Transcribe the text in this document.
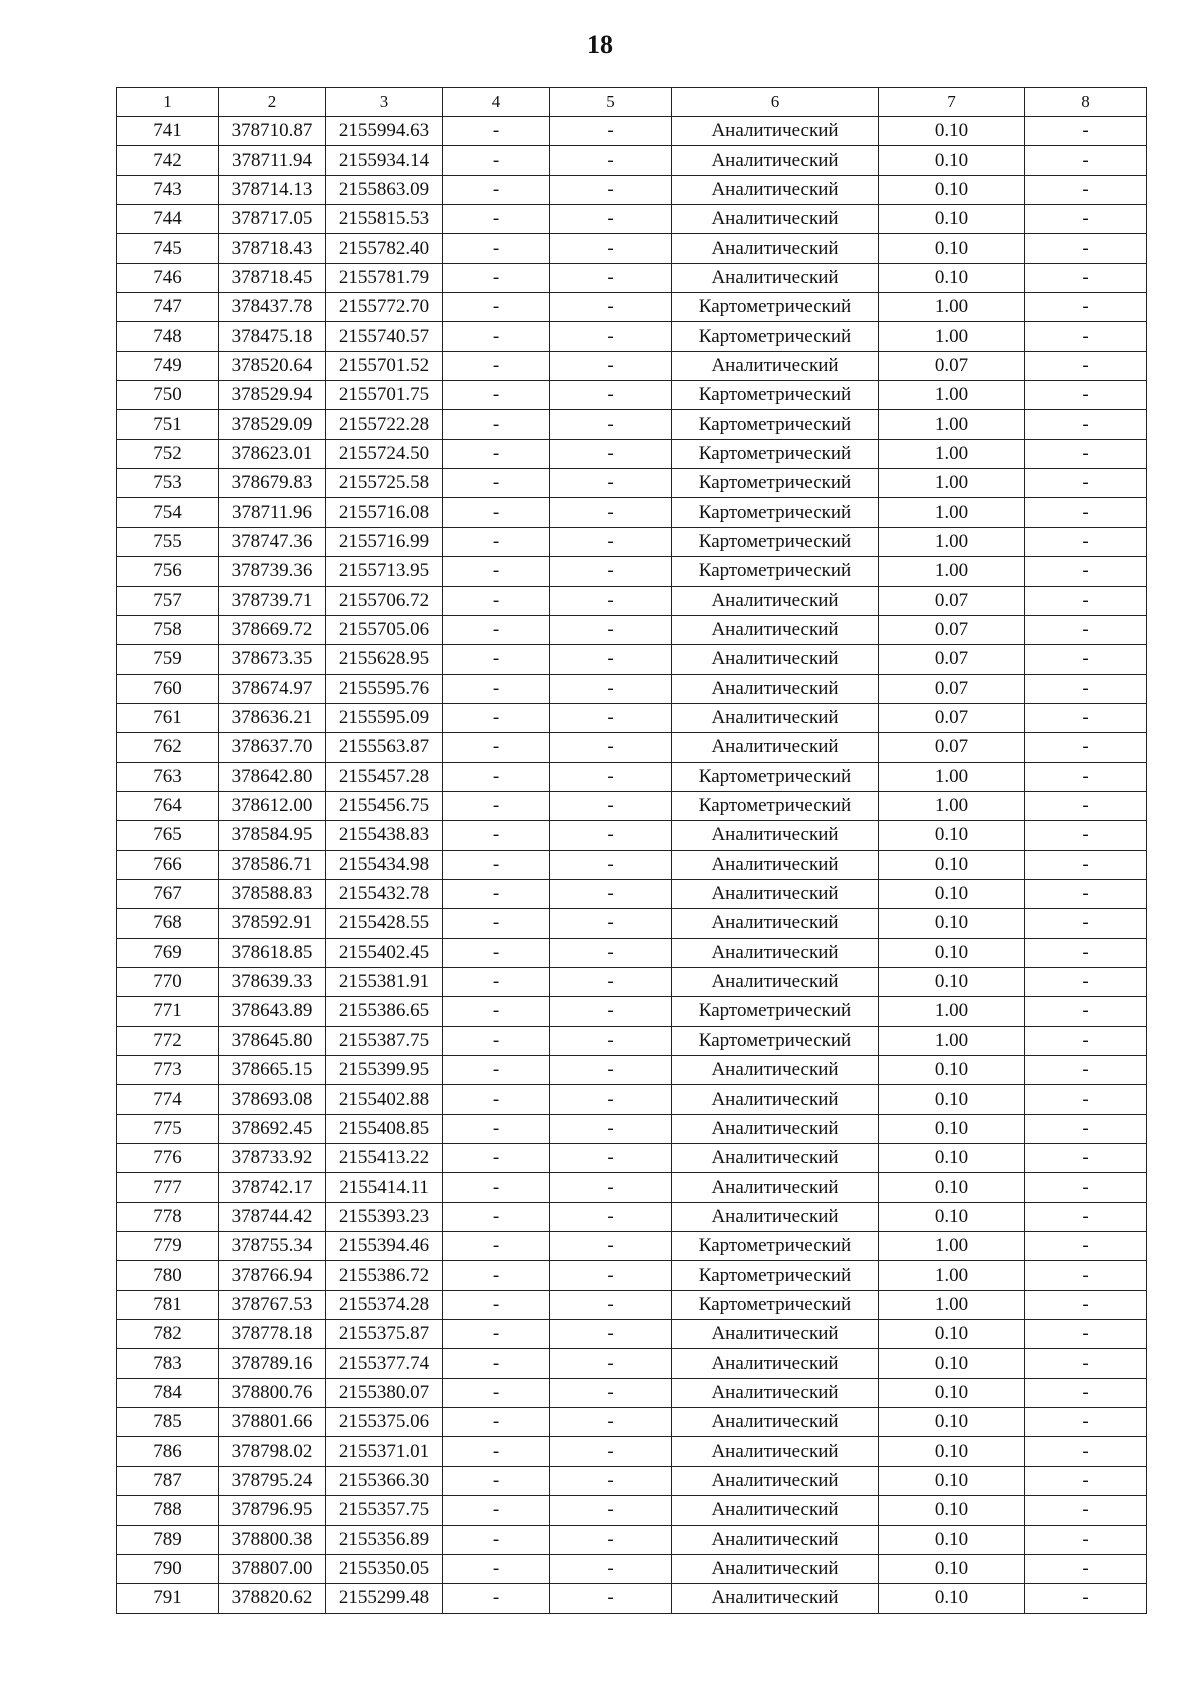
18
1	2	3	4	5	6	7	8
741	378710.87	2155994.63	-	-	Аналитический	0.10	-
742	378711.94	2155934.14	-	-	Аналитический	0.10	-
743	378714.13	2155863.09	-	-	Аналитический	0.10	-
744	378717.05	2155815.53	-	-	Аналитический	0.10	-
745	378718.43	2155782.40	-	-	Аналитический	0.10	-
746	378718.45	2155781.79	-	-	Аналитический	0.10	-
747	378437.78	2155772.70	-	-	Картометрический	1.00	-
748	378475.18	2155740.57	-	-	Картометрический	1.00	-
749	378520.64	2155701.52	-	-	Аналитический	0.07	-
750	378529.94	2155701.75	-	-	Картометрический	1.00	-
751	378529.09	2155722.28	-	-	Картометрический	1.00	-
752	378623.01	2155724.50	-	-	Картометрический	1.00	-
753	378679.83	2155725.58	-	-	Картометрический	1.00	-
754	378711.96	2155716.08	-	-	Картометрический	1.00	-
755	378747.36	2155716.99	-	-	Картометрический	1.00	-
756	378739.36	2155713.95	-	-	Картометрический	1.00	-
757	378739.71	2155706.72	-	-	Аналитический	0.07	-
758	378669.72	2155705.06	-	-	Аналитический	0.07	-
759	378673.35	2155628.95	-	-	Аналитический	0.07	-
760	378674.97	2155595.76	-	-	Аналитический	0.07	-
761	378636.21	2155595.09	-	-	Аналитический	0.07	-
762	378637.70	2155563.87	-	-	Аналитический	0.07	-
763	378642.80	2155457.28	-	-	Картометрический	1.00	-
764	378612.00	2155456.75	-	-	Картометрический	1.00	-
765	378584.95	2155438.83	-	-	Аналитический	0.10	-
766	378586.71	2155434.98	-	-	Аналитический	0.10	-
767	378588.83	2155432.78	-	-	Аналитический	0.10	-
768	378592.91	2155428.55	-	-	Аналитический	0.10	-
769	378618.85	2155402.45	-	-	Аналитический	0.10	-
770	378639.33	2155381.91	-	-	Аналитический	0.10	-
771	378643.89	2155386.65	-	-	Картометрический	1.00	-
772	378645.80	2155387.75	-	-	Картометрический	1.00	-
773	378665.15	2155399.95	-	-	Аналитический	0.10	-
774	378693.08	2155402.88	-	-	Аналитический	0.10	-
775	378692.45	2155408.85	-	-	Аналитический	0.10	-
776	378733.92	2155413.22	-	-	Аналитический	0.10	-
777	378742.17	2155414.11	-	-	Аналитический	0.10	-
778	378744.42	2155393.23	-	-	Аналитический	0.10	-
779	378755.34	2155394.46	-	-	Картометрический	1.00	-
780	378766.94	2155386.72	-	-	Картометрический	1.00	-
781	378767.53	2155374.28	-	-	Картометрический	1.00	-
782	378778.18	2155375.87	-	-	Аналитический	0.10	-
783	378789.16	2155377.74	-	-	Аналитический	0.10	-
784	378800.76	2155380.07	-	-	Аналитический	0.10	-
785	378801.66	2155375.06	-	-	Аналитический	0.10	-
786	378798.02	2155371.01	-	-	Аналитический	0.10	-
787	378795.24	2155366.30	-	-	Аналитический	0.10	-
788	378796.95	2155357.75	-	-	Аналитический	0.10	-
789	378800.38	2155356.89	-	-	Аналитический	0.10	-
790	378807.00	2155350.05	-	-	Аналитический	0.10	-
791	378820.62	2155299.48	-	-	Аналитический	0.10	-
